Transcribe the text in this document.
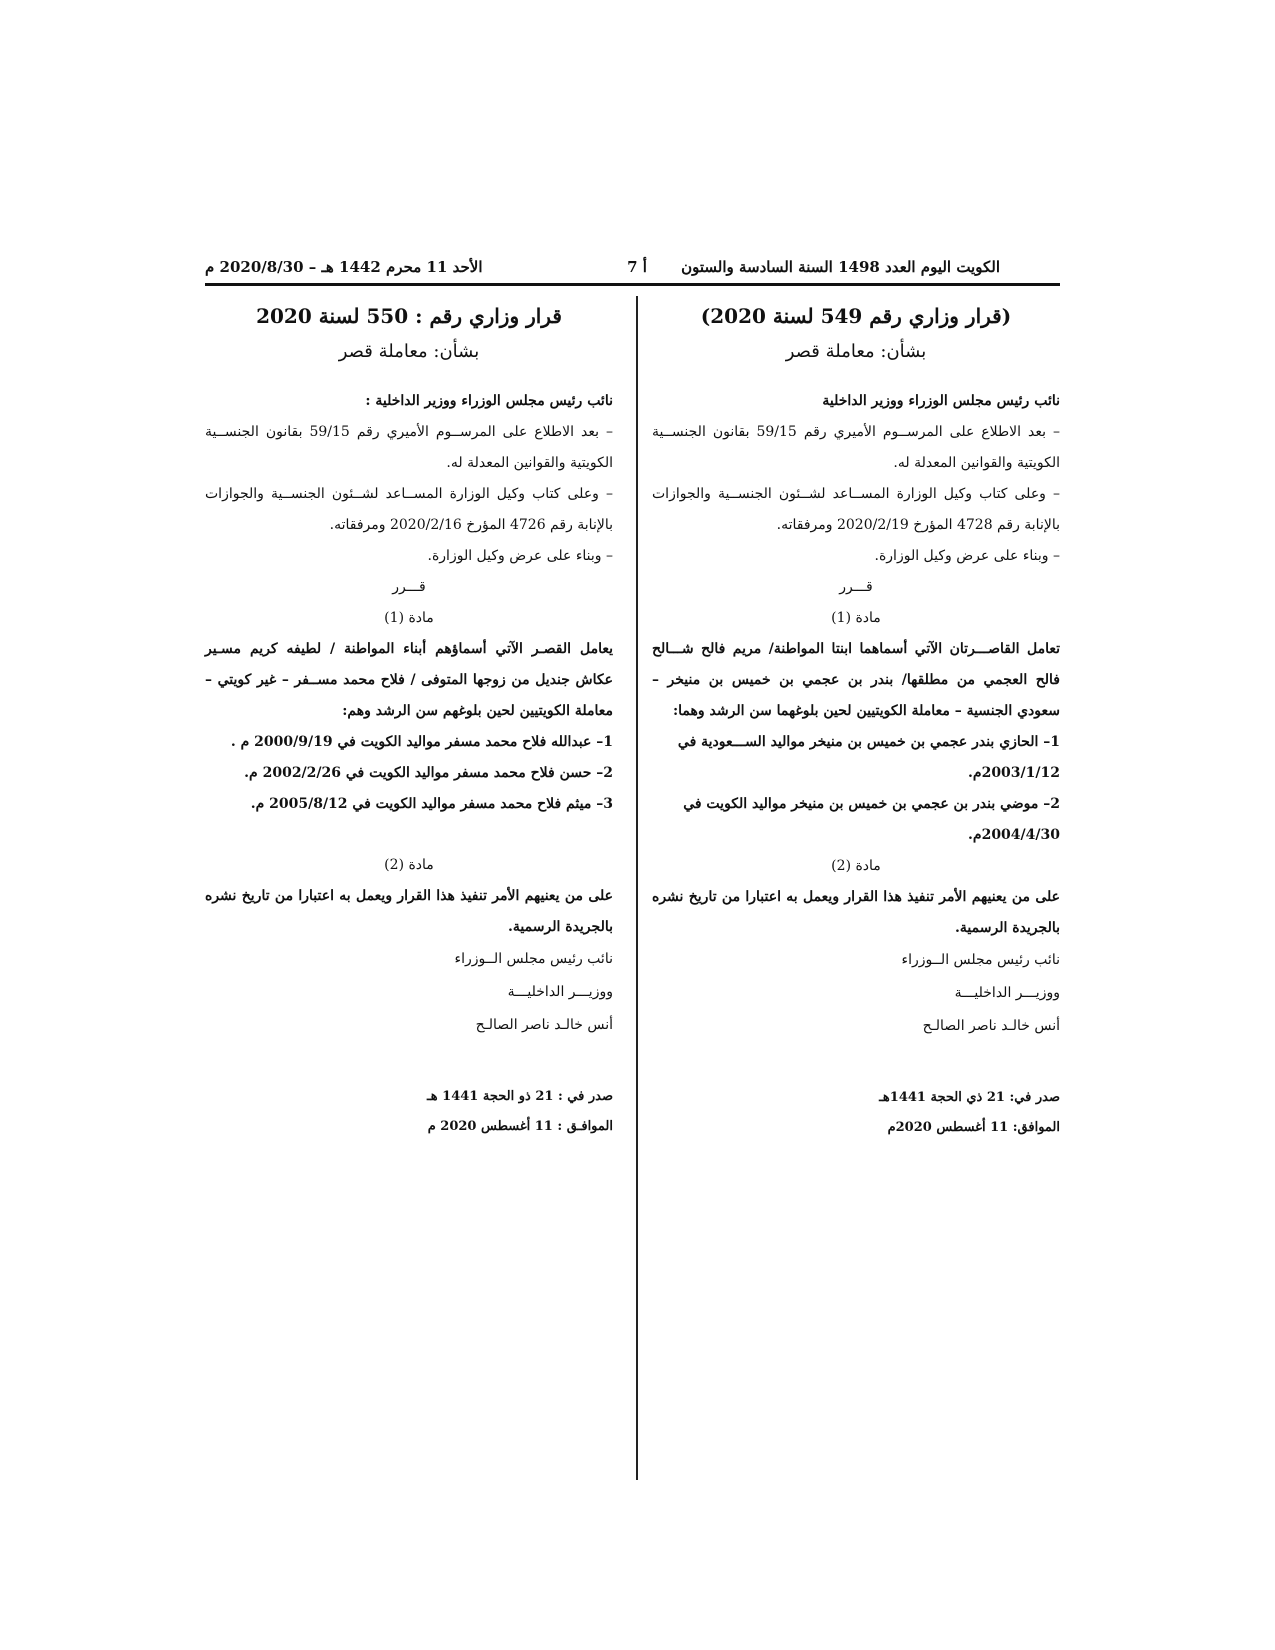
الكويت اليوم العدد 1498 السنة السادسة والستون
أ 7
الأحد 11 محرم 1442 هـ – 2020/8/30 م
(قرار وزاري رقم 549 لسنة 2020)
بشأن: معاملة قصر

نائب رئيس مجلس الوزراء ووزير الداخلية

– بعد الاطلاع على المرســوم الأميري رقم 59/15 بقانون الجنســية الكويتية والقوانين المعدلة له.

– وعلى كتاب وكيل الوزارة المســاعد لشــئون الجنســية والجوازات بالإنابة رقم 4728 المؤرخ 2020/2/19 ومرفقاته.

– وبناء على عرض وكيل الوزارة.

قـــرر
مادة (1)

تعامل القاصـــرتان الآتي أسماهما ابنتا المواطنة/ مريم فالح شـــالح فالح العجمي من مطلقها/ بندر بن عجمي بن خميس بن منيخر – سعودي الجنسية – معاملة الكويتيين لحين بلوغهما سن الرشد وهما:

1– الحازي بندر عجمي بن خميس بن منيخر مواليد الســـعودية في 2003/1/12م.

2– موضي بندر بن عجمي بن خميس بن منيخر مواليد الكويت في 2004/4/30م.

مادة (2)

على من يعنيهم الأمر تنفيذ هذا القرار ويعمل به اعتبارا من تاريخ نشره بالجريدة الرسمية.

نائب رئيس مجلس الــوزراء
ووزيـــر الداخليـــة
أنس خالـد ناصر الصالـح
صدر في: 21 ذي الحجة 1441هـ
الموافق: 11 أغسطس 2020م
قرار وزاري رقم : 550 لسنة 2020
بشأن: معاملة قصر

نائب رئيس مجلس الوزراء ووزير الداخلية :

– بعد الاطلاع على المرســوم الأميري رقم 59/15 بقانون الجنســية الكويتية والقوانين المعدلة له.

– وعلى كتاب وكيل الوزارة المســاعد لشــئون الجنســية والجوازات بالإنابة رقم 4726 المؤرخ 2020/2/16 ومرفقاته.

– وبناء على عرض وكيل الوزارة.

قـــرر
مادة (1)

يعامل القصـر الآتي أسماؤهم أبناء المواطنة / لطيفه كريم مسـير عكاش جنديل من زوجها المتوفى / فلاح محمد مســفر – غير كويتي – معاملة الكويتيين لحين بلوغهم سن الرشد وهم:

1– عبدالله فلاح محمد مسفر مواليد الكويت في 2000/9/19 م .

2– حسن فلاح محمد مسفر مواليد الكويت في 2002/2/26 م.

3– ميثم فلاح محمد مسفر مواليد الكويت في 2005/8/12 م.

مادة (2)

على من يعنيهم الأمر تنفيذ هذا القرار ويعمل به اعتبارا من تاريخ نشره بالجريدة الرسمية.

نائب رئيس مجلس الــوزراء
ووزيـــر الداخليـــة
أنس خالـد ناصر الصالـح
صدر في : 21 ذو الحجة 1441 هـ
الموافـق : 11 أغسطس 2020 م
